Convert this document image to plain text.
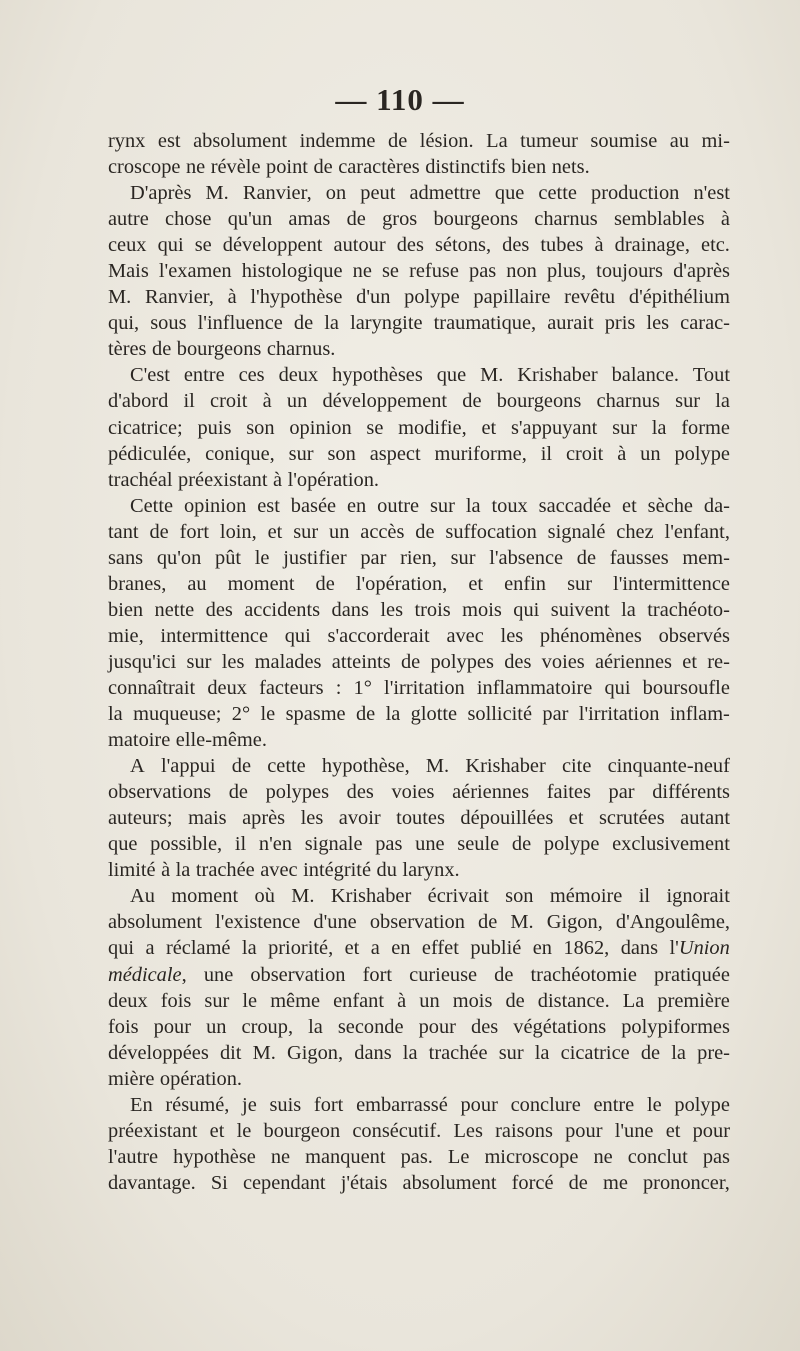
— 110 —
rynx est absolument indemme de lésion. La tumeur soumise au mi-
croscope ne révèle point de caractères distinctifs bien nets.
D'après M. Ranvier, on peut admettre que cette production n'est
autre chose qu'un amas de gros bourgeons charnus semblables à
ceux qui se développent autour des sétons, des tubes à drainage, etc.
Mais l'examen histologique ne se refuse pas non plus, toujours d'après
M. Ranvier, à l'hypothèse d'un polype papillaire revêtu d'épithélium
qui, sous l'influence de la laryngite traumatique, aurait pris les carac-
tères de bourgeons charnus.
C'est entre ces deux hypothèses que M. Krishaber balance. Tout
d'abord il croit à un développement de bourgeons charnus sur la
cicatrice; puis son opinion se modifie, et s'appuyant sur la forme
pédiculée, conique, sur son aspect muriforme, il croit à un polype
trachéal préexistant à l'opération.
Cette opinion est basée en outre sur la toux saccadée et sèche da-
tant de fort loin, et sur un accès de suffocation signalé chez l'enfant,
sans qu'on pût le justifier par rien, sur l'absence de fausses mem-
branes, au moment de l'opération, et enfin sur l'intermittence
bien nette des accidents dans les trois mois qui suivent la trachéoto-
mie, intermittence qui s'accorderait avec les phénomènes observés
jusqu'ici sur les malades atteints de polypes des voies aériennes et re-
connaîtrait deux facteurs : 1° l'irritation inflammatoire qui boursoufle
la muqueuse; 2° le spasme de la glotte sollicité par l'irritation inflam-
matoire elle-même.
A l'appui de cette hypothèse, M. Krishaber cite cinquante-neuf
observations de polypes des voies aériennes faites par différents
auteurs; mais après les avoir toutes dépouillées et scrutées autant
que possible, il n'en signale pas une seule de polype exclusivement
limité à la trachée avec intégrité du larynx.
Au moment où M. Krishaber écrivait son mémoire il ignorait
absolument l'existence d'une observation de M. Gigon, d'Angoulême,
qui a réclamé la priorité, et a en effet publié en 1862, dans l'Union
médicale, une observation fort curieuse de trachéotomie pratiquée
deux fois sur le même enfant à un mois de distance. La première
fois pour un croup, la seconde pour des végétations polypiformes
développées dit M. Gigon, dans la trachée sur la cicatrice de la pre-
mière opération.
En résumé, je suis fort embarrassé pour conclure entre le polype
préexistant et le bourgeon consécutif. Les raisons pour l'une et pour
l'autre hypothèse ne manquent pas. Le microscope ne conclut pas
davantage. Si cependant j'étais absolument forcé de me prononcer,
